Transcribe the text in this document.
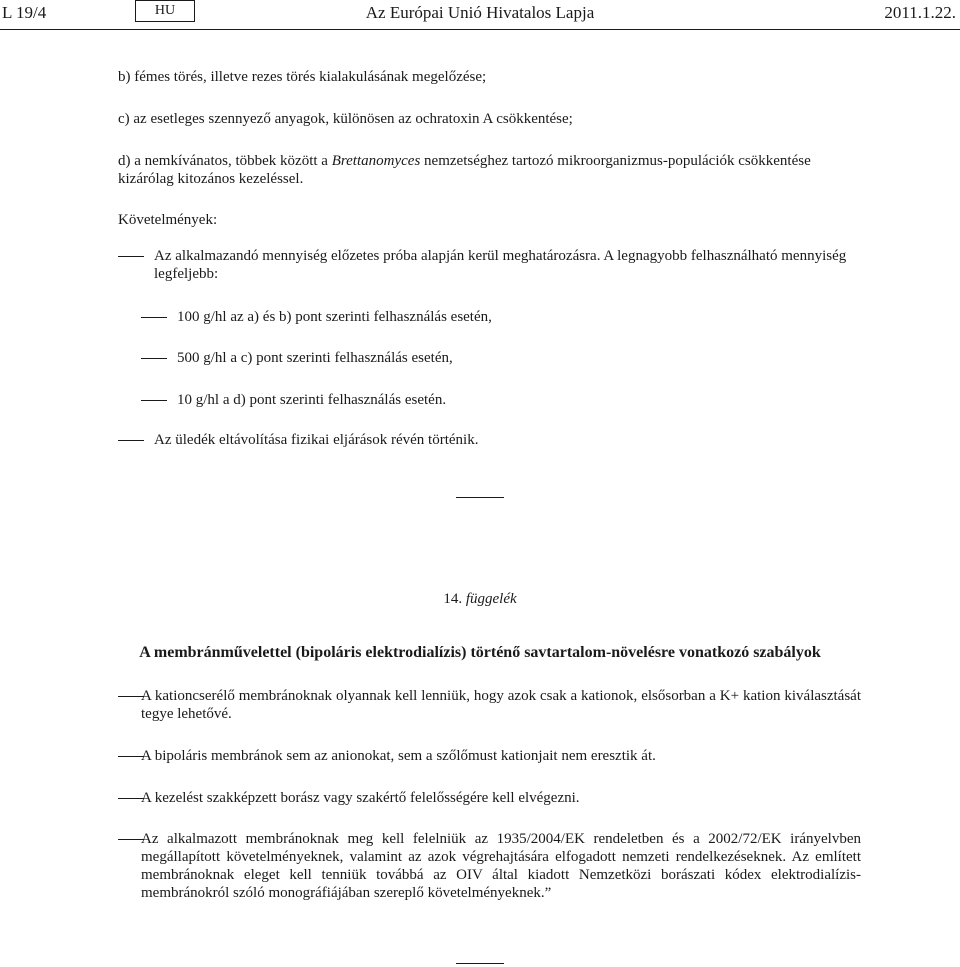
L 19/4	HU	Az Európai Unió Hivatalos Lapja	2011.1.22.
b) fémes törés, illetve rezes törés kialakulásának megelőzése;
c) az esetleges szennyező anyagok, különösen az ochratoxin A csökkentése;
d) a nemkívánatos, többek között a Brettanomyces nemzetséghez tartozó mikroorganizmus-populációk csökkentése kizárólag kitozános kezeléssel.
Követelmények:
Az alkalmazandó mennyiség előzetes próba alapján kerül meghatározásra. A legnagyobb felhasználható mennyiség legfeljebb:
100 g/hl az a) és b) pont szerinti felhasználás esetén,
500 g/hl a c) pont szerinti felhasználás esetén,
10 g/hl a d) pont szerinti felhasználás esetén.
Az üledék eltávolítása fizikai eljárások révén történik.
14. függelék
A membránművelettel (bipoláris elektrodialízis) történő savtartalom-növelésre vonatkozó szabályok
A kationcserélő membránoknak olyannak kell lenniük, hogy azok csak a kationok, elsősorban a K+ kation kiválasztását tegye lehetővé.
A bipoláris membránok sem az anionokat, sem a szőlőmust kationjait nem eresztik át.
A kezelést szakképzett borász vagy szakértő felelősségére kell elvégezni.
Az alkalmazott membránoknak meg kell felelniük az 1935/2004/EK rendeletben és a 2002/72/EK irányelvben megállapított követelményeknek, valamint az azok végrehajtására elfogadott nemzeti rendelkezéseknek. Az említett membránoknak eleget kell tenniük továbbá az OIV által kiadott Nemzetközi borászati kódex elektrodialízis-membránokról szóló monográfiájában szereplő követelményeknek.”
